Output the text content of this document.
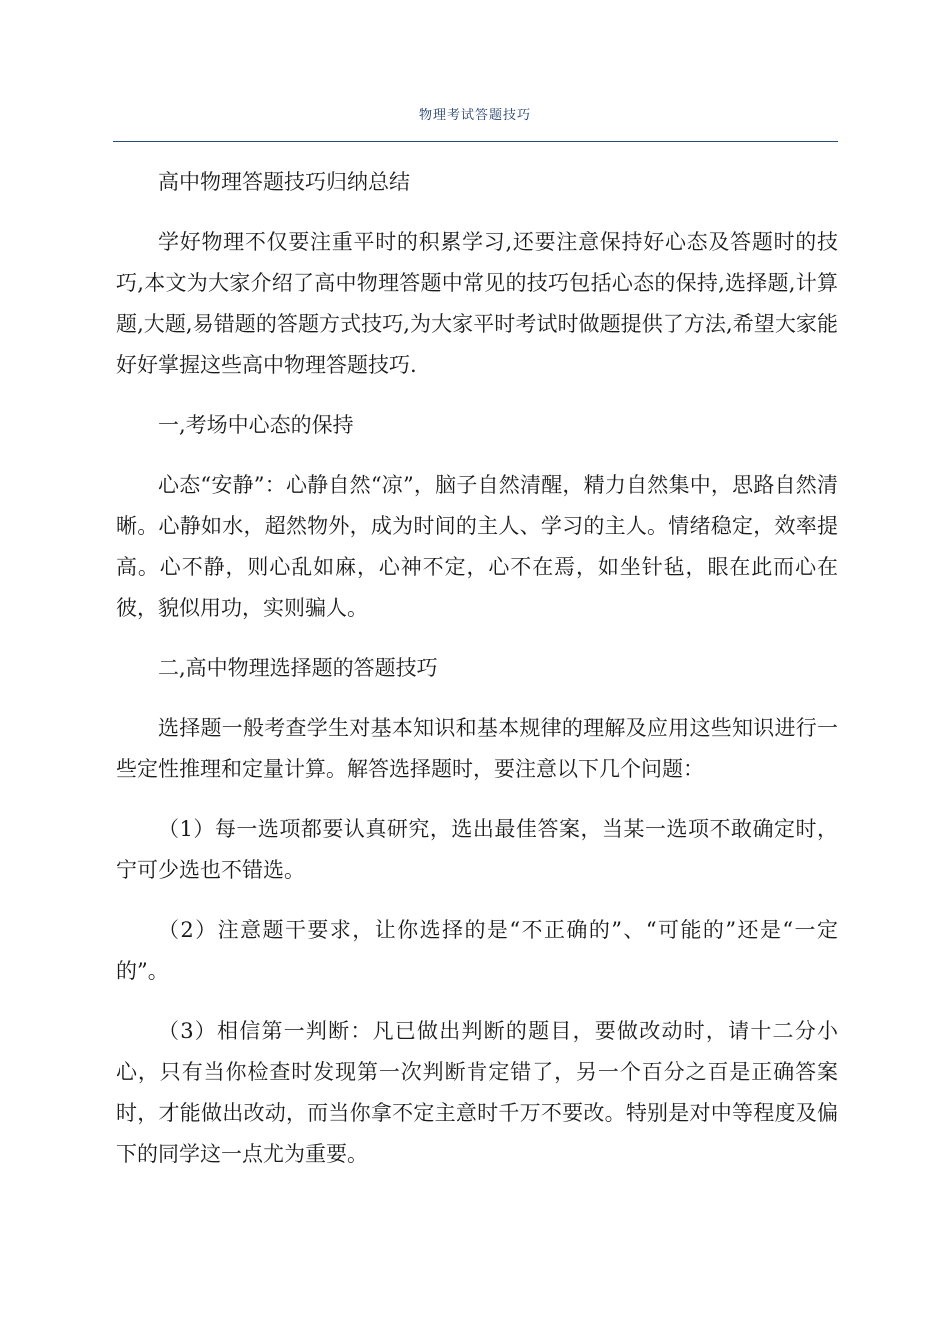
物理考试答题技巧

高中物理答题技巧归纳总结

学好物理不仅要注重平时的积累学习,还要注意保持好心态及答题时的技巧,本文为大家介绍了高中物理答题中常见的技巧包括心态的保持,选择题,计算题,大题,易错题的答题方式技巧,为大家平时考试时做题提供了方法,希望大家能好好掌握这些高中物理答题技巧.

一,考场中心态的保持

心态“安静”：心静自然“凉”，脑子自然清醒，精力自然集中，思路自然清晰。心静如水，超然物外，成为时间的主人、学习的主人。情绪稳定，效率提高。心不静，则心乱如麻，心神不定，心不在焉，如坐针毡，眼在此而心在彼，貌似用功，实则骗人。

二,高中物理选择题的答题技巧

选择题一般考查学生对基本知识和基本规律的理解及应用这些知识进行一些定性推理和定量计算。解答选择题时，要注意以下几个问题：

（1）每一选项都要认真研究，选出最佳答案，当某一选项不敢确定时，宁可少选也不错选。

（2）注意题干要求，让你选择的是“不正确的”、“可能的”还是“一定的”。

（3）相信第一判断：凡已做出判断的题目，要做改动时，请十二分小心，只有当你检查时发现第一次判断肯定错了，另一个百分之百是正确答案时，才能做出改动，而当你拿不定主意时千万不要改。特别是对中等程度及偏下的同学这一点尤为重要。
